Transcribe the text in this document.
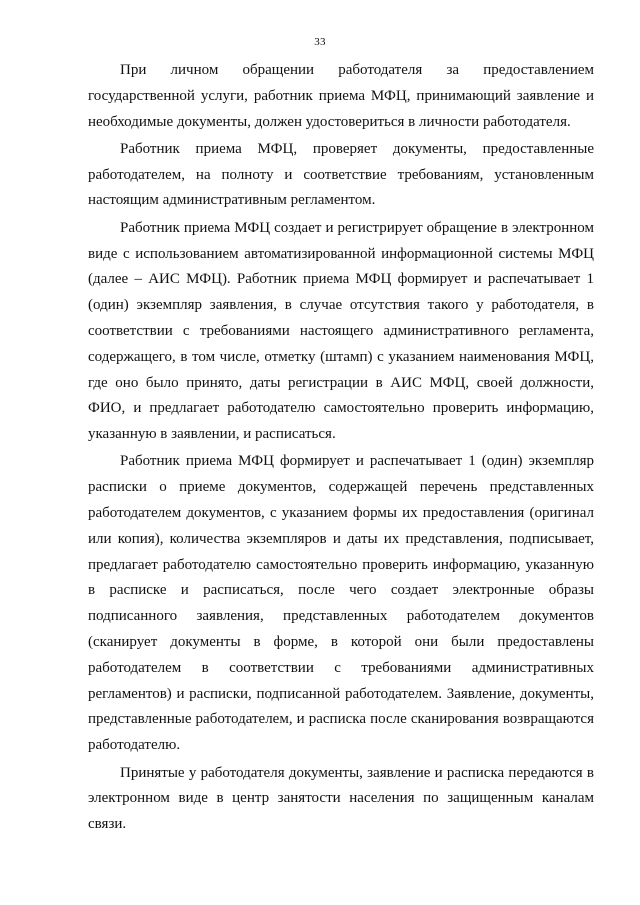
33

При личном обращении работодателя за предоставлением государственной услуги, работник приема МФЦ, принимающий заявление и необходимые документы, должен удостовериться в личности работодателя.

Работник приема МФЦ, проверяет документы, предоставленные работодателем, на полноту и соответствие требованиям, установленным настоящим административным регламентом.

Работник приема МФЦ создает и регистрирует обращение в электронном виде с использованием автоматизированной информационной системы МФЦ (далее – АИС МФЦ). Работник приема МФЦ формирует и распечатывает 1 (один) экземпляр заявления, в случае отсутствия такого у работодателя, в соответствии с требованиями настоящего административного регламента, содержащего, в том числе, отметку (штамп) с указанием наименования МФЦ, где оно было принято, даты регистрации в АИС МФЦ, своей должности, ФИО, и предлагает работодателю самостоятельно проверить информацию, указанную в заявлении, и расписаться.

Работник приема МФЦ формирует и распечатывает 1 (один) экземпляр расписки о приеме документов, содержащей перечень представленных работодателем документов, с указанием формы их предоставления (оригинал или копия), количества экземпляров и даты их представления, подписывает, предлагает работодателю самостоятельно проверить информацию, указанную в расписке и расписаться, после чего создает электронные образы подписанного заявления, представленных работодателем документов (сканирует документы в форме, в которой они были предоставлены работодателем в соответствии с требованиями административных регламентов) и расписки, подписанной работодателем. Заявление, документы, представленные работодателем, и расписка после сканирования возвращаются работодателю.

Принятые у работодателя документы, заявление и расписка передаются в электронном виде в центр занятости населения по защищенным каналам связи.
